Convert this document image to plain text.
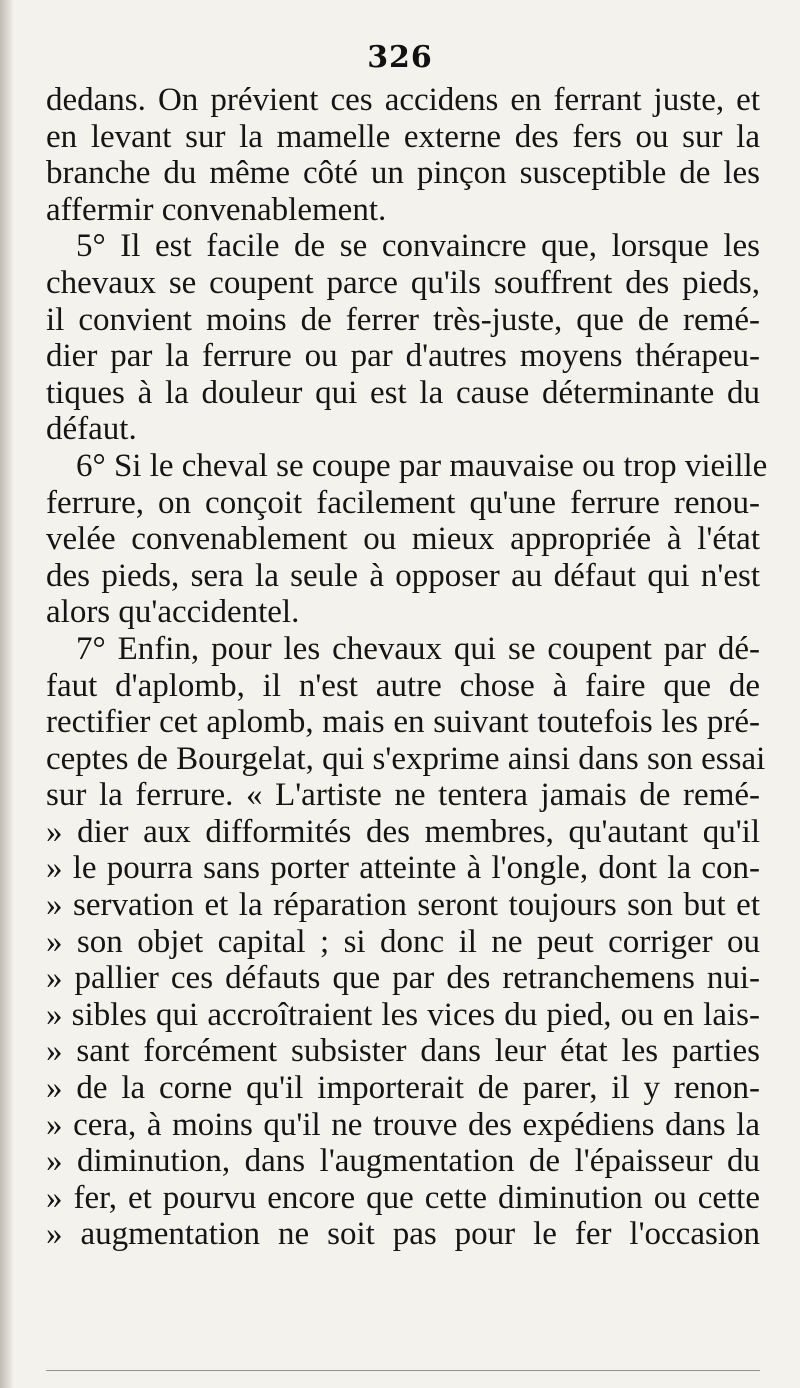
326
dedans. On prévient ces accidens en ferrant juste, et
en levant sur la mamelle externe des fers ou sur la
branche du même côté un pinçon susceptible de les
affermir convenablement.
5° Il est facile de se convaincre que, lorsque les
chevaux se coupent parce qu'ils souffrent des pieds,
il convient moins de ferrer très-juste, que de remé-
dier par la ferrure ou par d'autres moyens thérapeu-
tiques à la douleur qui est la cause déterminante du
défaut.
6° Si le cheval se coupe par mauvaise ou trop vieille
ferrure, on conçoit facilement qu'une ferrure renou-
velée convenablement ou mieux appropriée à l'état
des pieds, sera la seule à opposer au défaut qui n'est
alors qu'accidentel.
7° Enfin, pour les chevaux qui se coupent par dé-
faut d'aplomb, il n'est autre chose à faire que de
rectifier cet aplomb, mais en suivant toutefois les pré-
ceptes de Bourgelat, qui s'exprime ainsi dans son essai
sur la ferrure. « L'artiste ne tentera jamais de remé-
» dier aux difformités des membres, qu'autant qu'il
» le pourra sans porter atteinte à l'ongle, dont la con-
» servation et la réparation seront toujours son but et
» son objet capital ; si donc il ne peut corriger ou
» pallier ces défauts que par des retranchemens nui-
» sibles qui accroîtraient les vices du pied, ou en lais-
» sant forcément subsister dans leur état les parties
» de la corne qu'il importerait de parer, il y renon-
» cera, à moins qu'il ne trouve des expédiens dans la
» diminution, dans l'augmentation de l'épaisseur du
» fer, et pourvu encore que cette diminution ou cette
» augmentation ne soit pas pour le fer l'occasion
